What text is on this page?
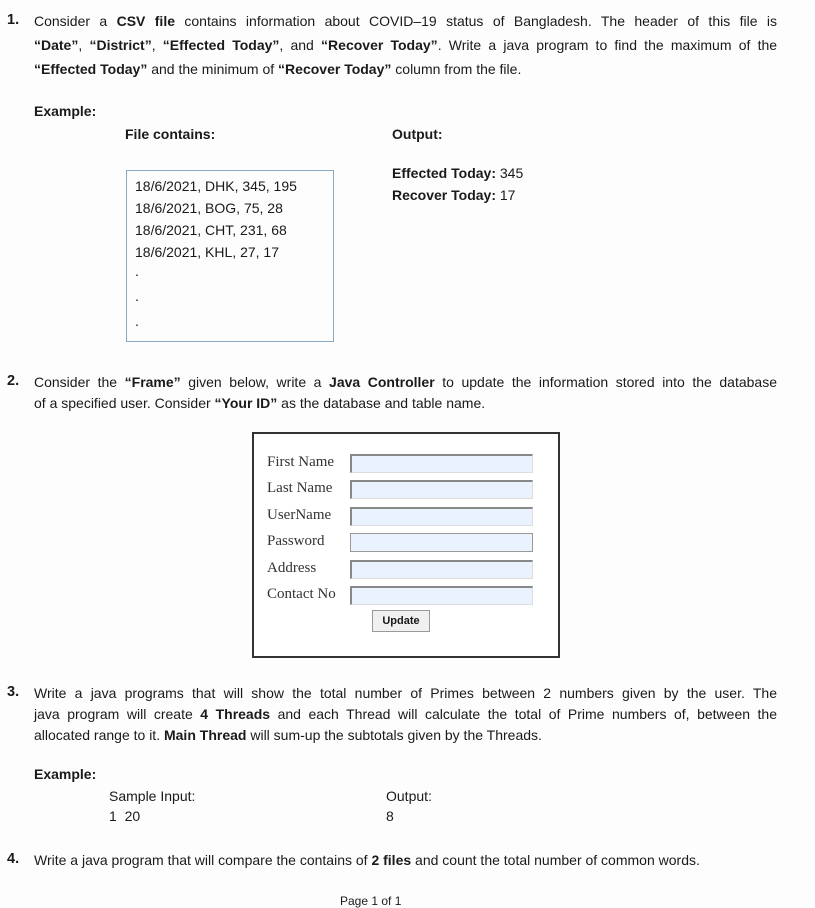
1. Consider a CSV file contains information about COVID–19 status of Bangladesh. The header of this file is
“Date”, “District”, “Effected Today”, and “Recover Today”. Write a java program to find the maximum of the
“Effected Today” and the minimum of “Recover Today” column from the file.
Example:
File contains:	Output:
18/6/2021, DHK, 345, 195
18/6/2021, BOG, 75, 28
18/6/2021, CHT, 231, 68
18/6/2021, KHL, 27, 17
.
.
.
Effected Today: 345
Recover Today: 17
2. Consider the “Frame” given below, write a Java Controller to update the information stored into the database
of a specified user. Consider “Your ID” as the database and table name.
First Name
Last Name
UserName
Password
Address
Contact No
Update
3. Write a java programs that will show the total number of Primes between 2 numbers given by the user. The
java program will create 4 Threads and each Thread will calculate the total of Prime numbers of, between the
allocated range to it. Main Thread will sum-up the subtotals given by the Threads.
Example:
Sample Input:
1  20
Output:
8
4. Write a java program that will compare the contains of 2 files and count the total number of common words.
Page 1 of 1
